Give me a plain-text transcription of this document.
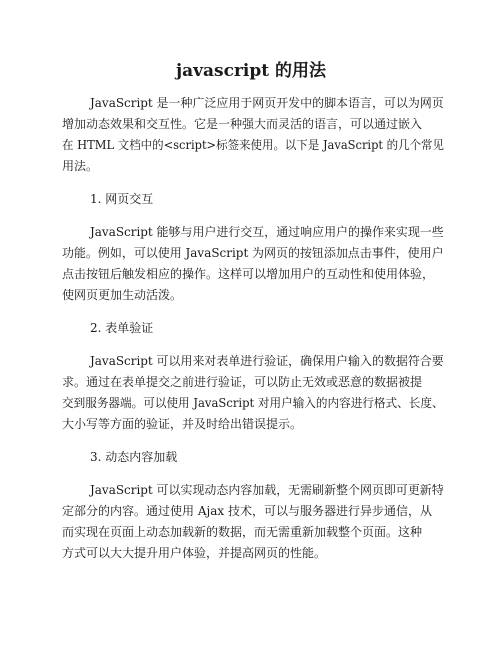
javascript 的用法
JavaScript 是一种广泛应用于网页开发中的脚本语言，可以为网页
增加动态效果和交互性。它是一种强大而灵活的语言，可以通过嵌入
在 HTML 文档中的<script>标签来使用。以下是 JavaScript 的几个常见
用法。
1. 网页交互
JavaScript 能够与用户进行交互，通过响应用户的操作来实现一些
功能。例如，可以使用 JavaScript 为网页的按钮添加点击事件，使用户
点击按钮后触发相应的操作。这样可以增加用户的互动性和使用体验，
使网页更加生动活泼。
2. 表单验证
JavaScript 可以用来对表单进行验证，确保用户输入的数据符合要
求。通过在表单提交之前进行验证，可以防止无效或恶意的数据被提
交到服务器端。可以使用 JavaScript 对用户输入的内容进行格式、长度、
大小写等方面的验证，并及时给出错误提示。
3. 动态内容加载
JavaScript 可以实现动态内容加载，无需刷新整个网页即可更新特
定部分的内容。通过使用 Ajax 技术，可以与服务器进行异步通信，从
而实现在页面上动态加载新的数据，而无需重新加载整个页面。这种
方式可以大大提升用户体验，并提高网页的性能。
